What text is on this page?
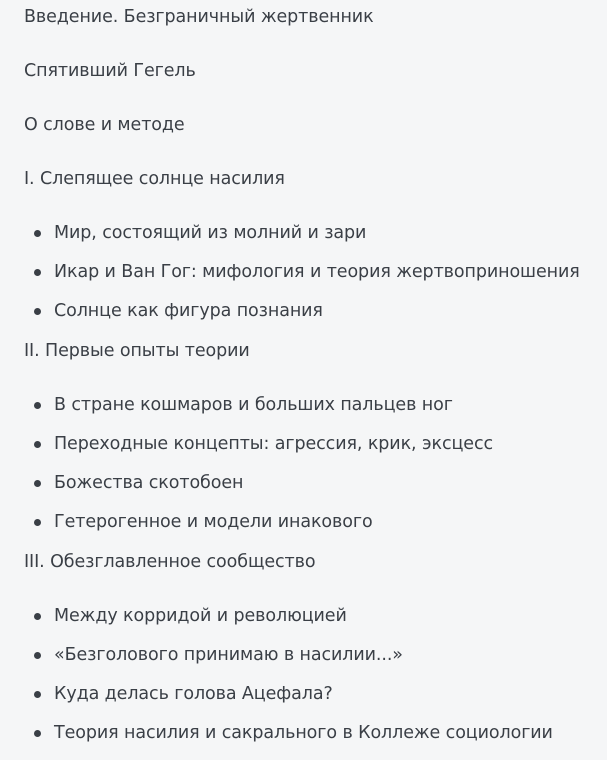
Введение. Безграничный жертвенник
Спятивший Гегель
О слове и методе
I. Слепящее солнце насилия
Мир, состоящий из молний и зари
Икар и Ван Гог: мифология и теория жертвоприношения
Солнце как фигура познания
II. Первые опыты теории
В стране кошмаров и больших пальцев ног
Переходные концепты: агрессия, крик, эксцесс
Божества скотобоен
Гетерогенное и модели инакового
III. Обезглавленное сообщество
Между корридой и революцией
«Безголового принимаю в насилии...»
Куда делась голова Ацефала?
Теория насилия и сакрального в Коллеже социологии
